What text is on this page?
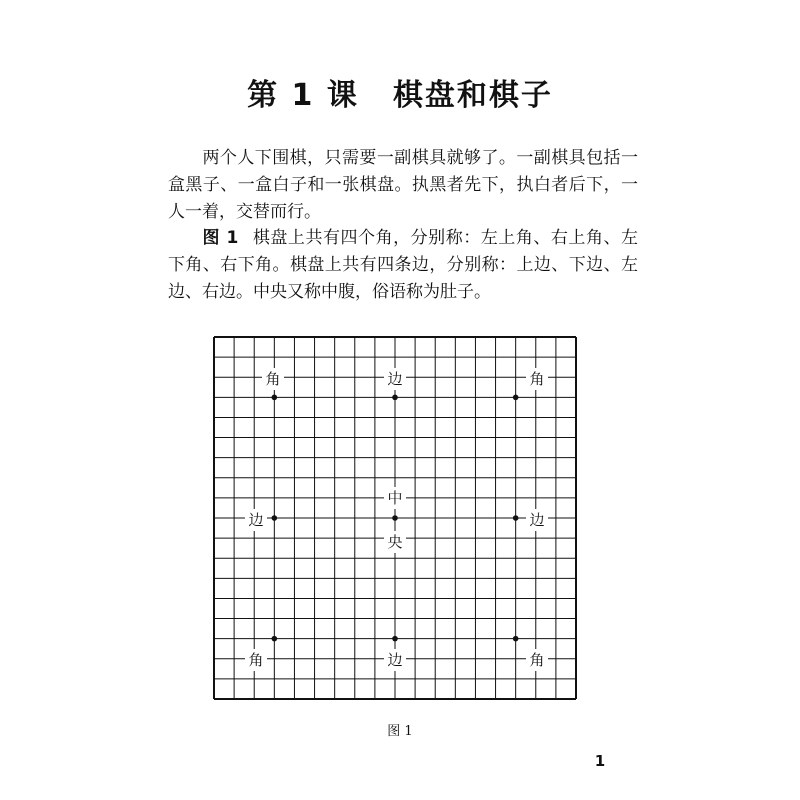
第 1 课 棋盘和棋子

两个人下围棋，只需要一副棋具就够了。一副棋具包括一盒黑子、一盒白子和一张棋盘。执黑者先下，执白者后下，一人一着，交替而行。

图 1 棋盘上共有四个角，分别称：左上角、右上角、左下角、右下角。棋盘上共有四条边，分别称：上边、下边、左边、右边。中央又称中腹，俗语称为肚子。

角	边	角
边
中
央
边
角	边	角

图 1

1
